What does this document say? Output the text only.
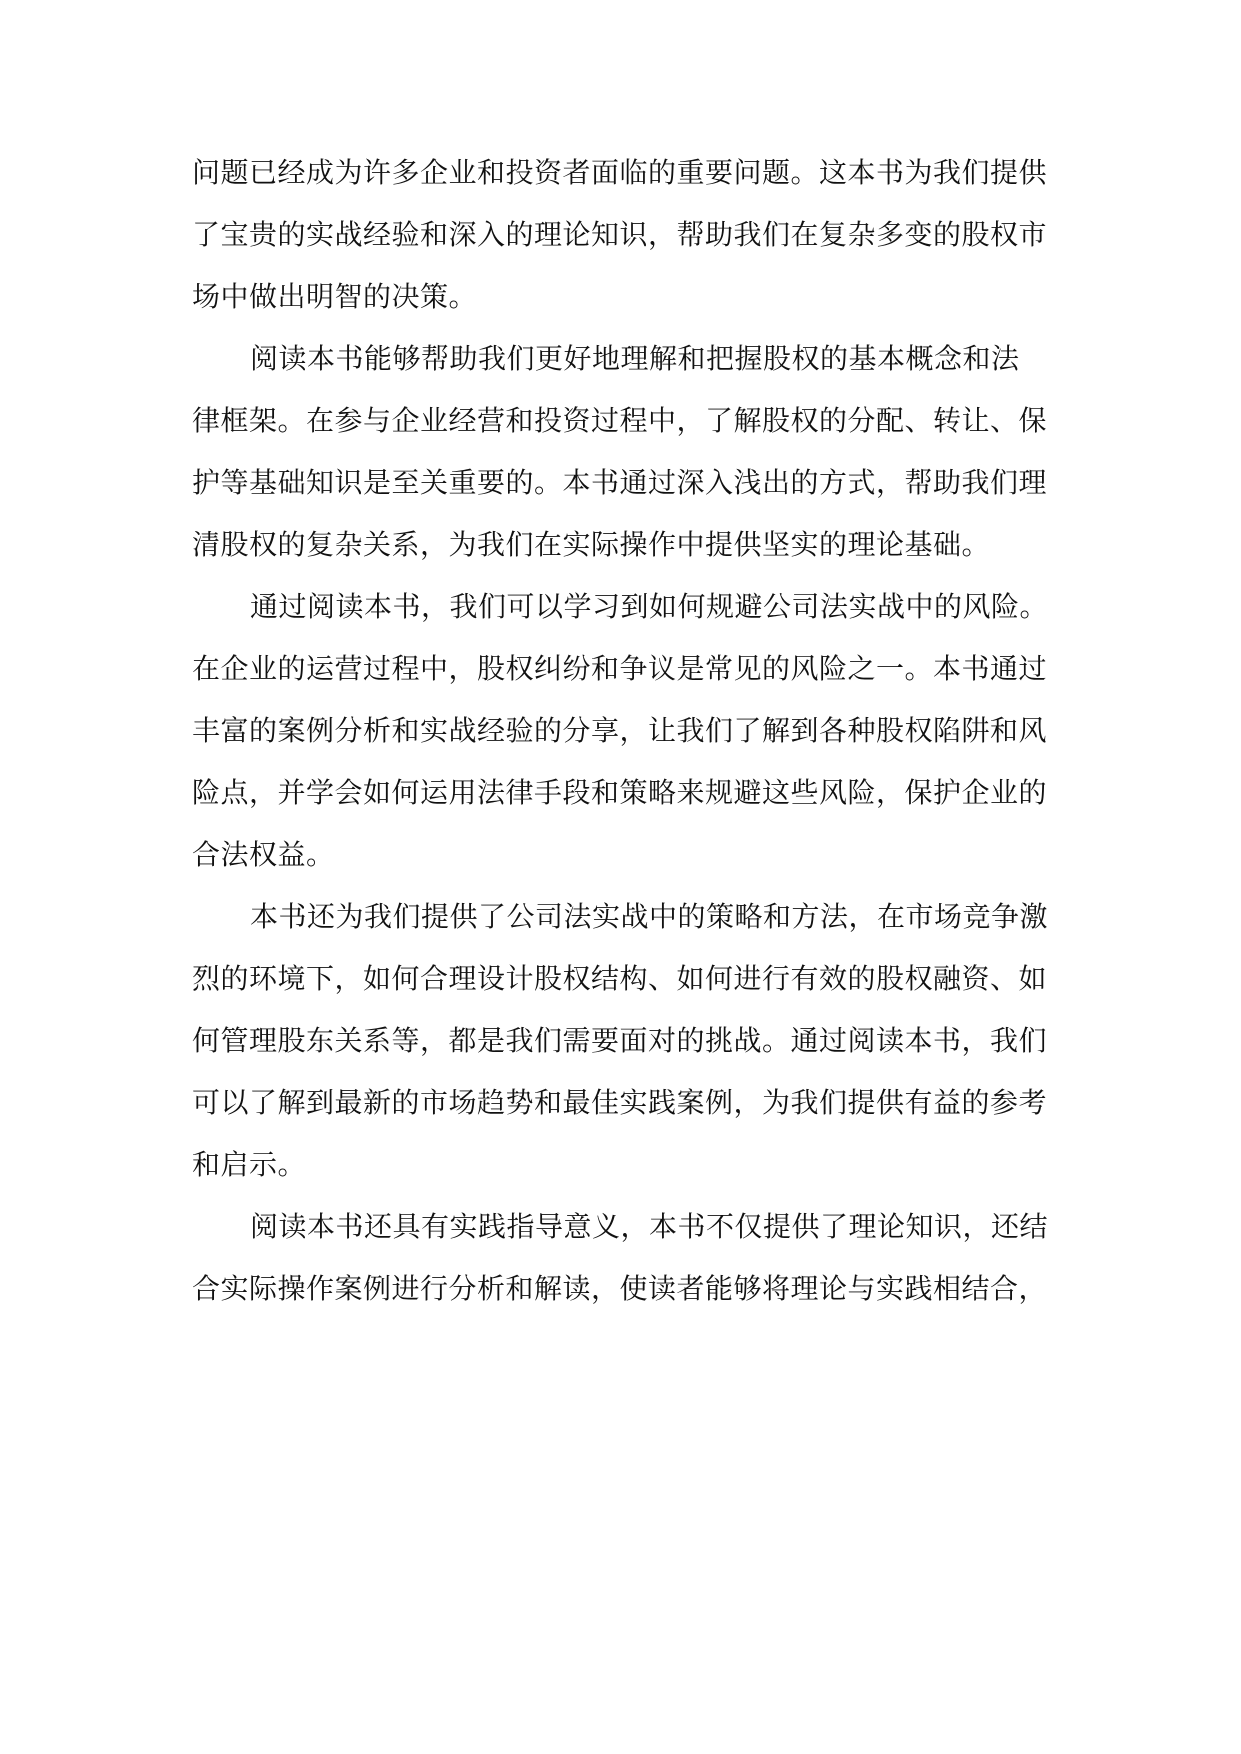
问题已经成为许多企业和投资者面临的重要问题。这本书为我们提供
了宝贵的实战经验和深入的理论知识，帮助我们在复杂多变的股权市
场中做出明智的决策。

阅读本书能够帮助我们更好地理解和把握股权的基本概念和法
律框架。在参与企业经营和投资过程中，了解股权的分配、转让、保
护等基础知识是至关重要的。本书通过深入浅出的方式，帮助我们理
清股权的复杂关系，为我们在实际操作中提供坚实的理论基础。

通过阅读本书，我们可以学习到如何规避公司法实战中的风险。
在企业的运营过程中，股权纠纷和争议是常见的风险之一。本书通过
丰富的案例分析和实战经验的分享，让我们了解到各种股权陷阱和风
险点，并学会如何运用法律手段和策略来规避这些风险，保护企业的
合法权益。

本书还为我们提供了公司法实战中的策略和方法，在市场竞争激
烈的环境下，如何合理设计股权结构、如何进行有效的股权融资、如
何管理股东关系等，都是我们需要面对的挑战。通过阅读本书，我们
可以了解到最新的市场趋势和最佳实践案例，为我们提供有益的参考
和启示。

阅读本书还具有实践指导意义，本书不仅提供了理论知识，还结
合实际操作案例进行分析和解读，使读者能够将理论与实践相结合，
